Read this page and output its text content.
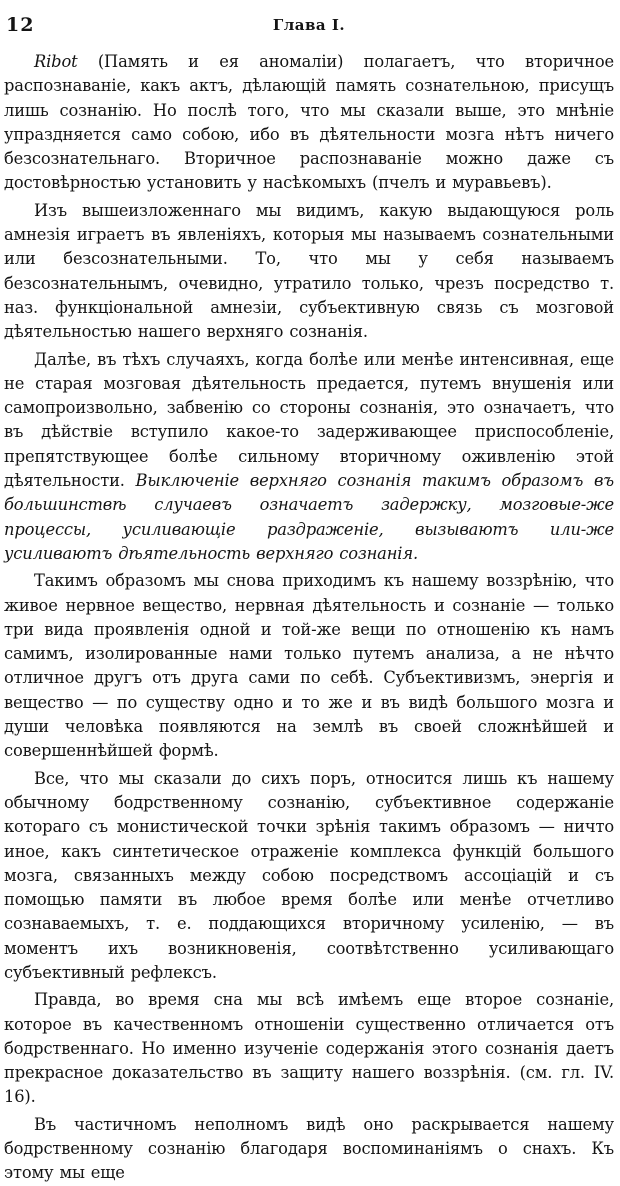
12	Глава I.

Ribot (Память и ея аномаліи) полагаетъ, что вторичное распознаваніе, какъ актъ, дѣлающій память сознательною, присущъ лишь сознанію. Но послѣ того, что мы сказали выше, это мнѣніе упраздняется само собою, ибо въ дѣятельности мозга нѣтъ ничего безсознательнаго. Вторичное распознаваніе можно даже съ достовѣрностью установить у насѣкомыхъ (пчелъ и муравьевъ).

Изъ вышеизложеннаго мы видимъ, какую выдающуюся роль амнезія играетъ въ явленіяхъ, которыя мы называемъ сознательными или безсознательными. То, что мы у себя называемъ безсознательнымъ, очевидно, утратило только, чрезъ посредство т. наз. функціональной амнезіи, субъективную связь съ мозговой дѣятельностью нашего верхняго сознанія.

Далѣе, въ тѣхъ случаяхъ, когда болѣе или менѣе интенсивная, еще не старая мозговая дѣятельность предается, путемъ внушенія или самопроизвольно, забвенію со стороны сознанія, это означаетъ, что въ дѣйствіе вступило какое-то задерживающее приспособленіе, препятствующее болѣе сильному вторичному оживленію этой дѣятельности. Выключеніе верхняго сознанія такимъ образомъ въ большинствѣ случаевъ означаетъ задержку, мозговые-же процессы, усиливающіе раздраженіе, вызываютъ или-же усиливаютъ дѣятельность верхняго сознанія.

Такимъ образомъ мы снова приходимъ къ нашему воззрѣнію, что живое нервное вещество, нервная дѣятельность и сознаніе — только три вида проявленія одной и той-же вещи по отношенію къ намъ самимъ, изолированные нами только путемъ анализа, а не нѣчто отличное другъ отъ друга сами по себѣ. Субъективизмъ, энергія и вещество — по существу одно и то же и въ видѣ большого мозга и души человѣка появляются на землѣ въ своей сложнѣйшей и совершеннѣйшей формѣ.

Все, что мы сказали до сихъ поръ, относится лишь къ нашему обычному бодрственному сознанію, субъективное содержаніе котораго съ монистической точки зрѣнія такимъ образомъ — ничто иное, какъ синтетическое отраженіе комплекса функцій большого мозга, связанныхъ между собою посредствомъ ассоціацій и съ помощью памяти въ любое время болѣе или менѣе отчетливо сознаваемыхъ, т. е. поддающихся вторичному усиленію, — въ моментъ ихъ возникновенія, соотвѣтственно усиливающаго субъективный рефлексъ.

Правда, во время сна мы всѣ имѣемъ еще второе сознаніе, которое въ качественномъ отношеніи существенно отличается отъ бодрственнаго. Но именно изученіе содержанія этого сознанія даетъ прекрасное доказательство въ защиту нашего воззрѣнія. (см. гл. IV. 16).

Въ частичномъ неполномъ видѣ оно раскрывается нашему бодрственному сознанію благодаря воспоминаніямъ о снахъ. Къ этому мы еще
